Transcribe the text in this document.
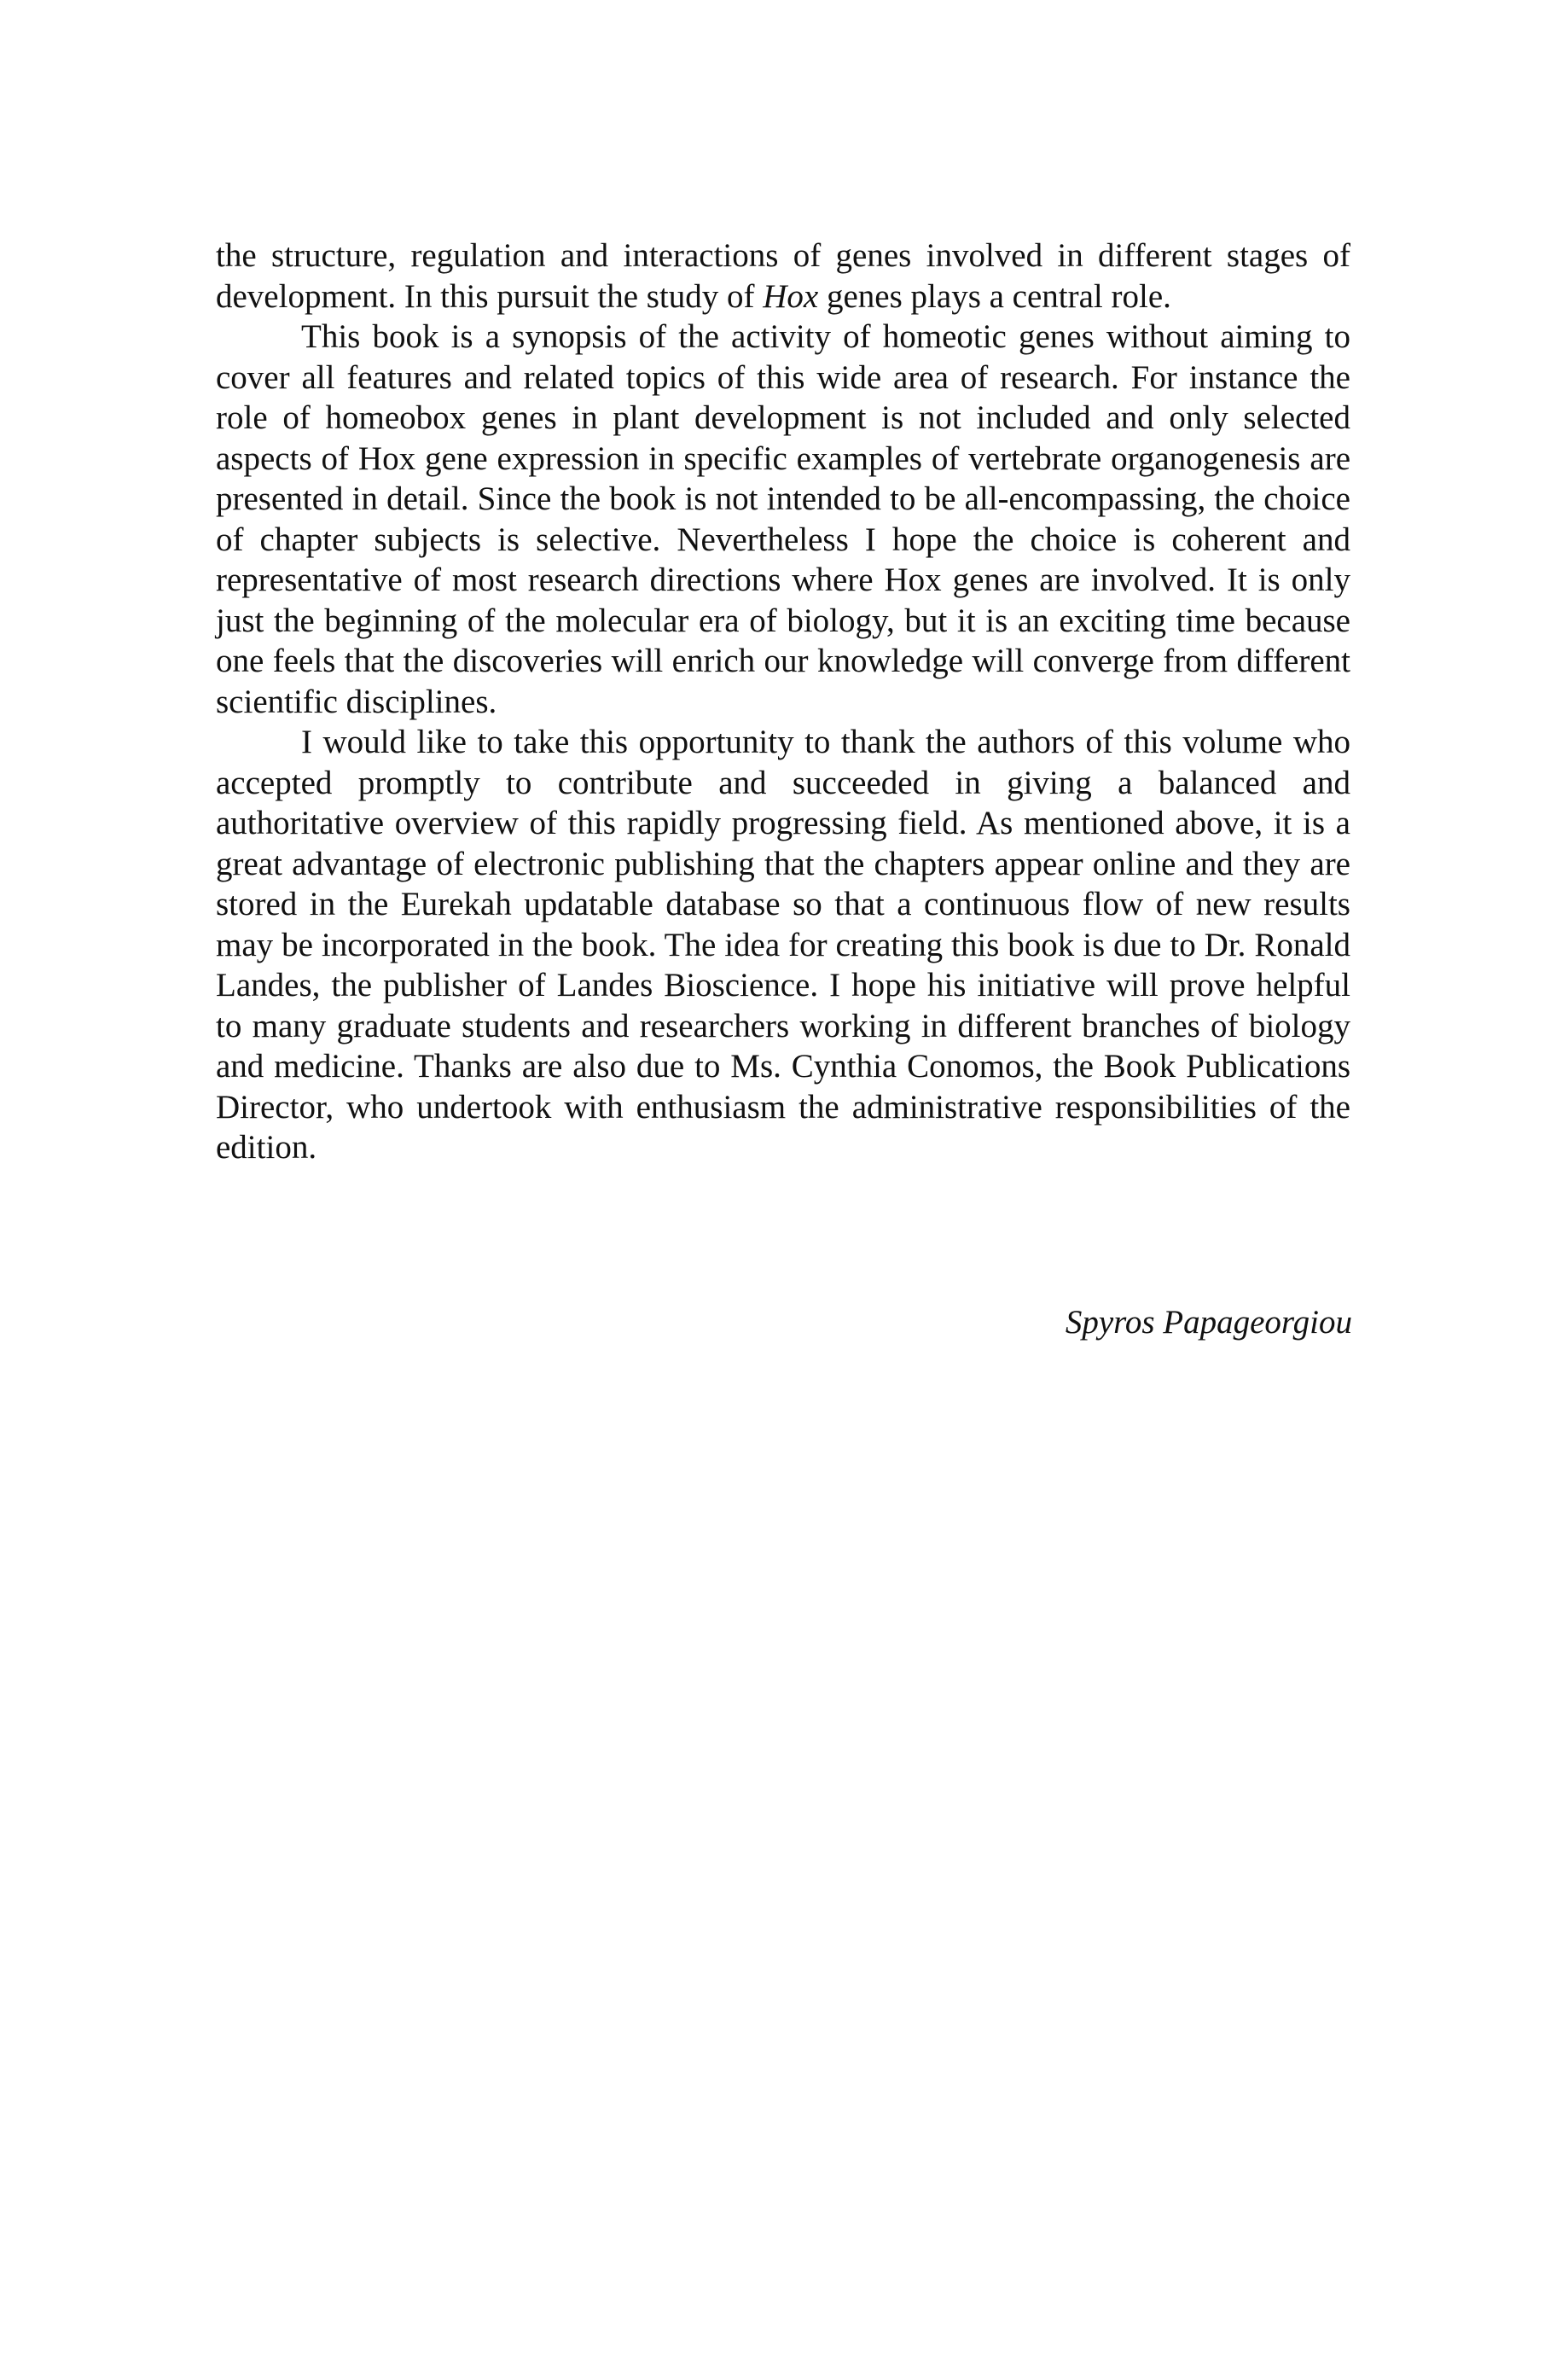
the structure, regulation and interactions of genes involved in different stages of development. In this pursuit the study of Hox genes plays a central role.

This book is a synopsis of the activity of homeotic genes without aiming to cover all features and related topics of this wide area of research. For instance the role of homeobox genes in plant development is not included and only selected aspects of Hox gene expression in specific examples of vertebrate organogenesis are presented in detail. Since the book is not intended to be all-encompassing, the choice of chapter subjects is selective. Nevertheless I hope the choice is coherent and representative of most research directions where Hox genes are involved. It is only just the beginning of the molecular era of biology, but it is an exciting time because one feels that the discoveries will enrich our knowledge will converge from different scientific disciplines.

I would like to take this opportunity to thank the authors of this volume who accepted promptly to contribute and succeeded in giving a balanced and authoritative overview of this rapidly progressing field. As mentioned above, it is a great advantage of electronic publishing that the chapters appear online and they are stored in the Eurekah updatable database so that a continuous flow of new results may be incorporated in the book. The idea for creating this book is due to Dr. Ronald Landes, the publisher of Landes Bioscience. I hope his initiative will prove helpful to many graduate students and researchers working in different branches of biology and medicine. Thanks are also due to Ms. Cynthia Conomos, the Book Publications Director, who undertook with enthusiasm the administrative responsibilities of the edition.

Spyros Papageorgiou
